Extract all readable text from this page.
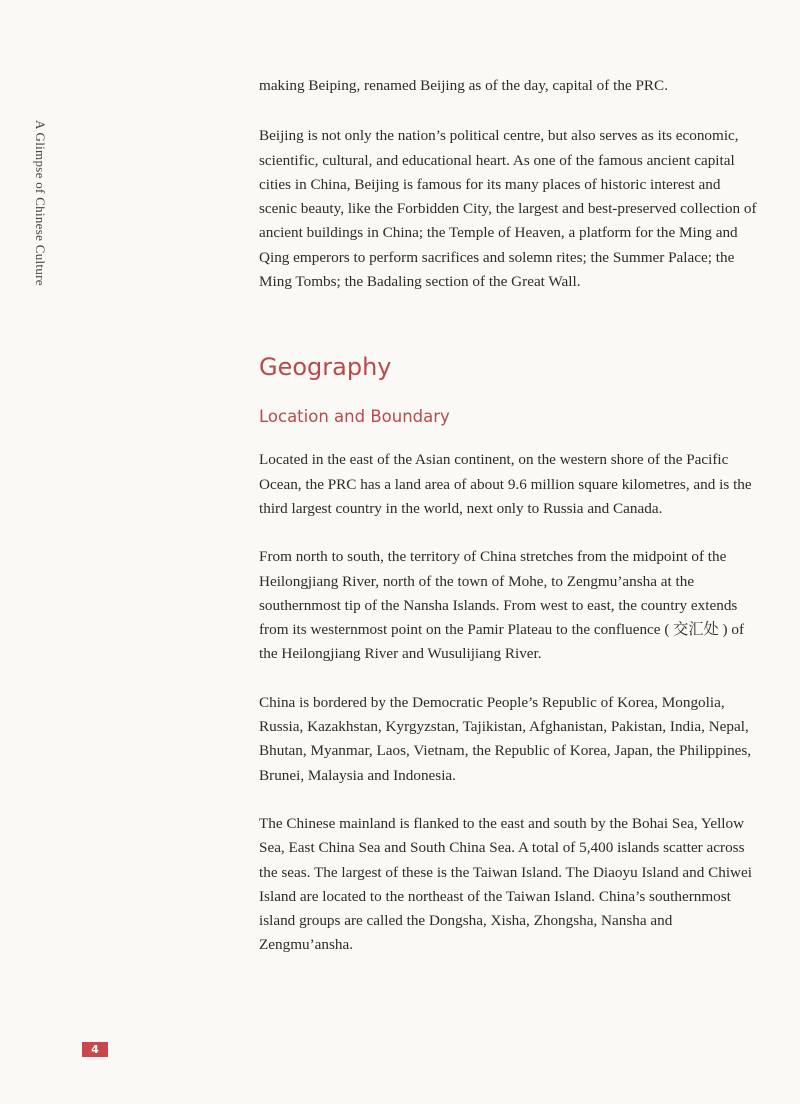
A Glimpse of Chinese Culture

making Beiping, renamed Beijing as of the day, capital of the PRC.

Beijing is not only the nation’s political centre, but also serves as its economic, scientific, cultural, and educational heart. As one of the famous ancient capital cities in China, Beijing is famous for its many places of historic interest and scenic beauty, like the Forbidden City, the largest and best-preserved collection of ancient buildings in China; the Temple of Heaven, a platform for the Ming and Qing emperors to perform sacrifices and solemn rites; the Summer Palace; the Ming Tombs; the Badaling section of the Great Wall.

Geography
Location and Boundary

Located in the east of the Asian continent, on the western shore of the Pacific Ocean, the PRC has a land area of about 9.6 million square kilometres, and is the third largest country in the world, next only to Russia and Canada.

From north to south, the territory of China stretches from the midpoint of the Heilongjiang River, north of the town of Mohe, to Zengmu’ansha at the southernmost tip of the Nansha Islands. From west to east, the country extends from its westernmost point on the Pamir Plateau to the confluence ( 交汇处 ) of the Heilongjiang River and Wusulijiang River.

China is bordered by the Democratic People’s Republic of Korea, Mongolia, Russia, Kazakhstan, Kyrgyzstan, Tajikistan, Afghanistan, Pakistan, India, Nepal, Bhutan, Myanmar, Laos, Vietnam, the Republic of Korea, Japan, the Philippines, Brunei, Malaysia and Indonesia.

The Chinese mainland is flanked to the east and south by the Bohai Sea, Yellow Sea, East China Sea and South China Sea. A total of 5,400 islands scatter across the seas. The largest of these is the Taiwan Island. The Diaoyu Island and Chiwei Island are located to the northeast of the Taiwan Island. China’s southernmost island groups are called the Dongsha, Xisha, Zhongsha, Nansha and Zengmu’ansha.

4
